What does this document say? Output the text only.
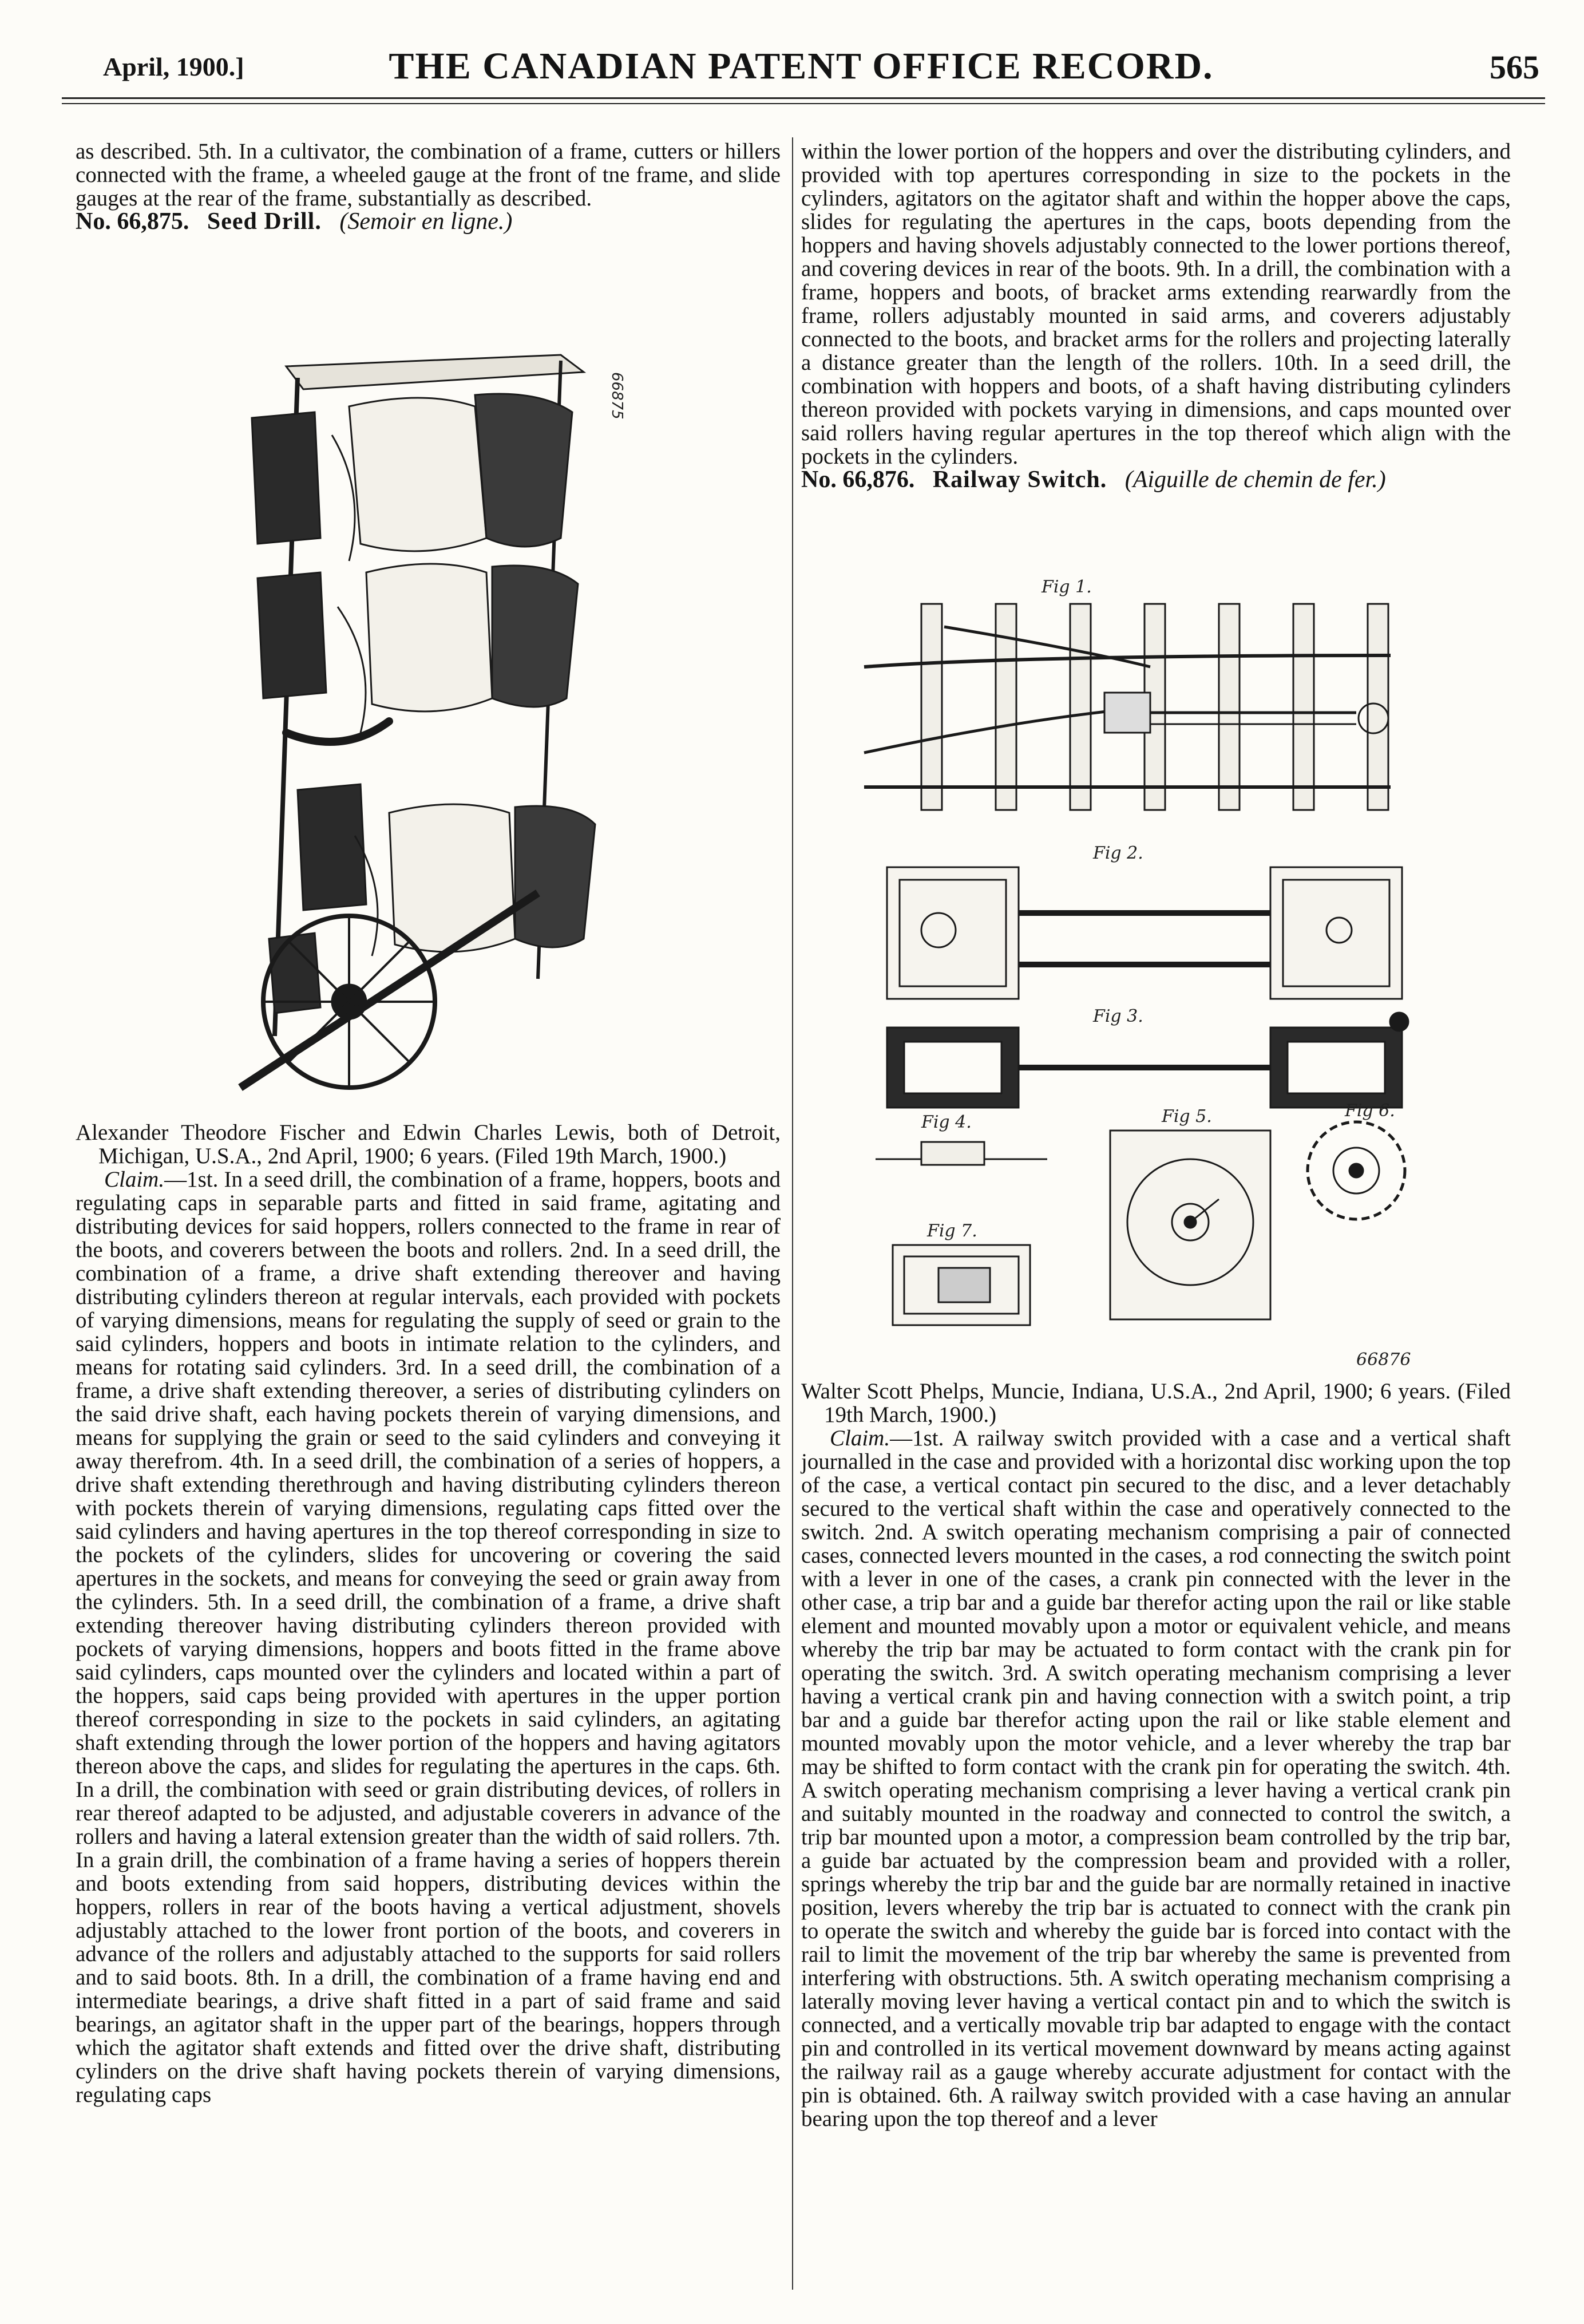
April, 1900.]	THE CANADIAN PATENT OFFICE RECORD.	565

as described. 5th. In a cultivator, the combination of a frame, cutters or hillers connected with the frame, a wheeled gauge at the front of tne frame, and slide gauges at the rear of the frame, substantially as described.

No. 66,875. Seed Drill. (Semoir en ligne.)

66875

Alexander Theodore Fischer and Edwin Charles Lewis, both of Detroit, Michigan, U.S.A., 2nd April, 1900; 6 years. (Filed 19th March, 1900.)

Claim.—1st. In a seed drill, the combination of a frame, hoppers, boots and regulating caps in separable parts and fitted in said frame, agitating and distributing devices for said hoppers, rollers connected to the frame in rear of the boots, and coverers between the boots and rollers. 2nd. In a seed drill, the combination of a frame, a drive shaft extending thereover and having distributing cylinders thereon at regular intervals, each provided with pockets of varying dimensions, means for regulating the supply of seed or grain to the said cylinders, hoppers and boots in intimate relation to the cylinders, and means for rotating said cylinders. 3rd. In a seed drill, the combination of a frame, a drive shaft extending thereover, a series of distributing cylinders on the said drive shaft, each having pockets therein of varying dimensions, and means for supplying the grain or seed to the said cylinders and conveying it away therefrom. 4th. In a seed drill, the combination of a series of hoppers, a drive shaft extending therethrough and having distributing cylinders thereon with pockets therein of varying dimensions, regulating caps fitted over the said cylinders and having apertures in the top thereof corresponding in size to the pockets of the cylinders, slides for uncovering or covering the said apertures in the sockets, and means for conveying the seed or grain away from the cylinders. 5th. In a seed drill, the combination of a frame, a drive shaft extending thereover having distributing cylinders thereon provided with pockets of varying dimensions, hoppers and boots fitted in the frame above said cylinders, caps mounted over the cylinders and located within a part of the hoppers, said caps being provided with apertures in the upper portion thereof corresponding in size to the pockets in said cylinders, an agitating shaft extending through the lower portion of the hoppers and having agitators thereon above the caps, and slides for regulating the apertures in the caps. 6th. In a drill, the combination with seed or grain distributing devices, of rollers in rear thereof adapted to be adjusted, and adjustable coverers in advance of the rollers and having a lateral extension greater than the width of said rollers. 7th. In a grain drill, the combination of a frame having a series of hoppers therein and boots extending from said hoppers, distributing devices within the hoppers, rollers in rear of the boots having a vertical adjustment, shovels adjustably attached to the lower front portion of the boots, and coverers in advance of the rollers and adjustably attached to the supports for said rollers and to said boots. 8th. In a drill, the combination of a frame having end and intermediate bearings, a drive shaft fitted in a part of said frame and said bearings, an agitator shaft in the upper part of the bearings, hoppers through which the agitator shaft extends and fitted over the drive shaft, distributing cylinders on the drive shaft having pockets therein of varying dimensions, regulating caps

within the lower portion of the hoppers and over the distributing cylinders, and provided with top apertures corresponding in size to the pockets in the cylinders, agitators on the agitator shaft and within the hopper above the caps, slides for regulating the apertures in the caps, boots depending from the hoppers and having shovels adjustably connected to the lower portions thereof, and covering devices in rear of the boots. 9th. In a drill, the combination with a frame, hoppers and boots, of bracket arms extending rearwardly from the frame, rollers adjustably mounted in said arms, and coverers adjustably connected to the boots, and bracket arms for the rollers and projecting laterally a distance greater than the length of the rollers. 10th. In a seed drill, the combination with hoppers and boots, of a shaft having distributing cylinders thereon provided with pockets varying in dimensions, and caps mounted over said rollers having regular apertures in the top thereof which align with the pockets in the cylinders.

No. 66,876. Railway Switch. (Aiguille de chemin de fer.)

Fig 1.
Fig 2.
Fig 3.
Fig 4.	Fig 5.	Fig 6.
Fig 7.
66876

Walter Scott Phelps, Muncie, Indiana, U.S.A., 2nd April, 1900; 6 years. (Filed 19th March, 1900.)

Claim.—1st. A railway switch provided with a case and a vertical shaft journalled in the case and provided with a horizontal disc working upon the top of the case, a vertical contact pin secured to the disc, and a lever detachably secured to the vertical shaft within the case and operatively connected to the switch. 2nd. A switch operating mechanism comprising a pair of connected cases, connected levers mounted in the cases, a rod connecting the switch point with a lever in one of the cases, a crank pin connected with the lever in the other case, a trip bar and a guide bar therefor acting upon the rail or like stable element and mounted movably upon a motor or equivalent vehicle, and means whereby the trip bar may be actuated to form contact with the crank pin for operating the switch. 3rd. A switch operating mechanism comprising a lever having a vertical crank pin and having connection with a switch point, a trip bar and a guide bar therefor acting upon the rail or like stable element and mounted movably upon the motor vehicle, and a lever whereby the trap bar may be shifted to form contact with the crank pin for operating the switch. 4th. A switch operating mechanism comprising a lever having a vertical crank pin and suitably mounted in the roadway and connected to control the switch, a trip bar mounted upon a motor, a compression beam controlled by the trip bar, a guide bar actuated by the compression beam and provided with a roller, springs whereby the trip bar and the guide bar are normally retained in inactive position, levers whereby the trip bar is actuated to connect with the crank pin to operate the switch and whereby the guide bar is forced into contact with the rail to limit the movement of the trip bar whereby the same is prevented from interfering with obstructions. 5th. A switch operating mechanism comprising a laterally moving lever having a vertical contact pin and to which the switch is connected, and a vertically movable trip bar adapted to engage with the contact pin and controlled in its vertical movement downward by means acting against the railway rail as a gauge whereby accurate adjustment for contact with the pin is obtained. 6th. A railway switch provided with a case having an annular bearing upon the top thereof and a lever
